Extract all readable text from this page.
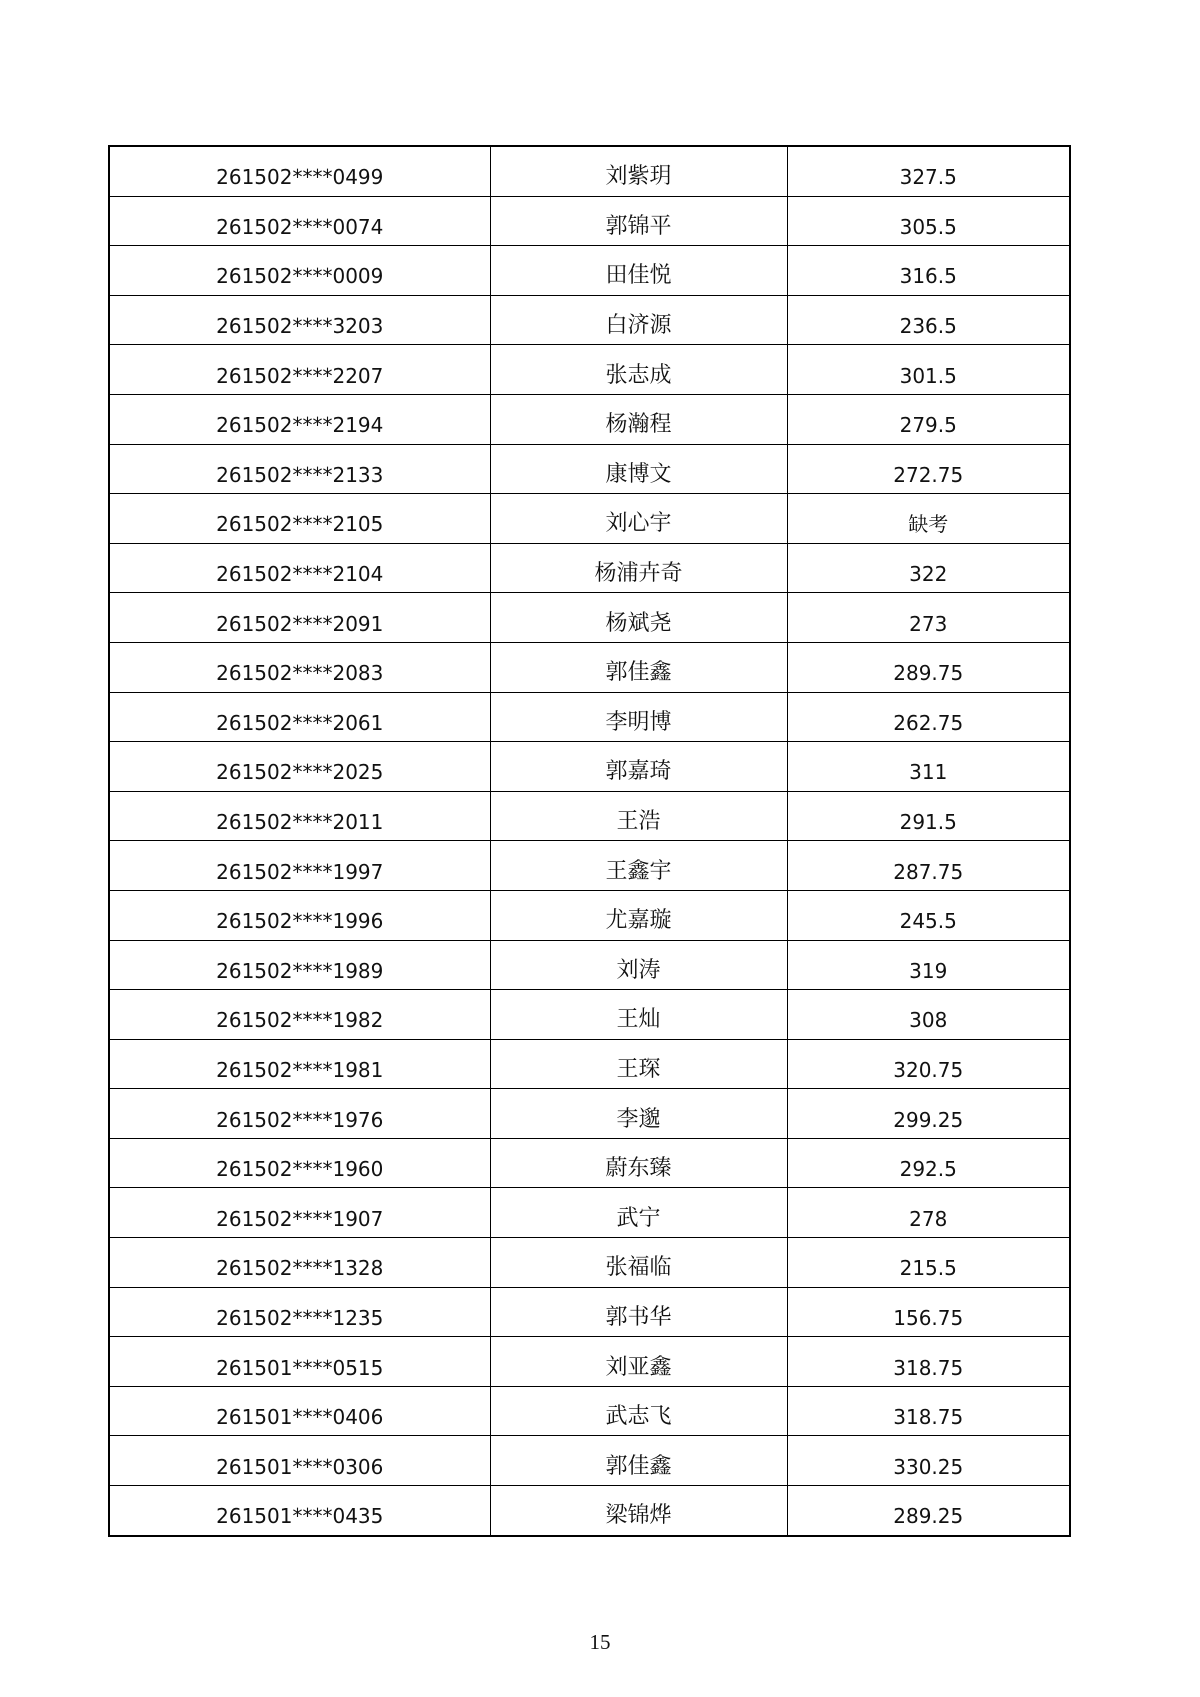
261502****0499	刘紫玥	327.5
261502****0074	郭锦平	305.5
261502****0009	田佳悦	316.5
261502****3203	白济源	236.5
261502****2207	张志成	301.5
261502****2194	杨瀚程	279.5
261502****2133	康博文	272.75
261502****2105	刘心宇	缺考
261502****2104	杨浦卉奇	322
261502****2091	杨斌尧	273
261502****2083	郭佳鑫	289.75
261502****2061	李明博	262.75
261502****2025	郭嘉琦	311
261502****2011	王浩	291.5
261502****1997	王鑫宇	287.75
261502****1996	尤嘉璇	245.5
261502****1989	刘涛	319
261502****1982	王灿	308
261502****1981	王琛	320.75
261502****1976	李邈	299.25
261502****1960	蔚东臻	292.5
261502****1907	武宁	278
261502****1328	张福临	215.5
261502****1235	郭书华	156.75
261501****0515	刘亚鑫	318.75
261501****0406	武志飞	318.75
261501****0306	郭佳鑫	330.25
261501****0435	梁锦烨	289.25
15
